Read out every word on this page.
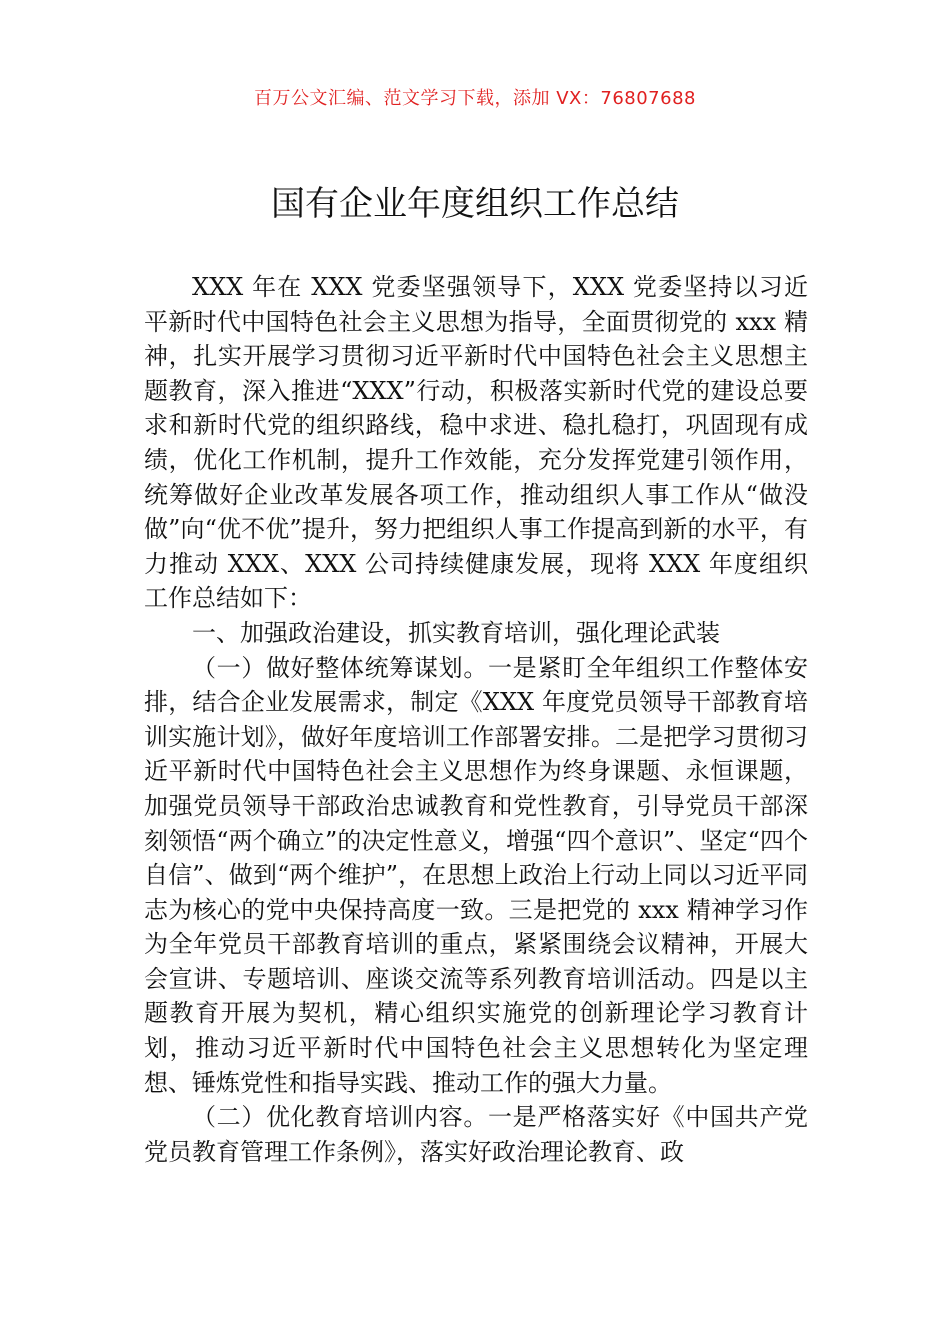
百万公文汇编、范文学习下载，添加 VX：76807688
国有企业年度组织工作总结

XXX 年在 XXX 党委坚强领导下，XXX 党委坚持以习近平新时代中国特色社会主义思想为指导，全面贯彻党的 xxx 精神，扎实开展学习贯彻习近平新时代中国特色社会主义思想主题教育，深入推进“XXX”行动，积极落实新时代党的建设总要求和新时代党的组织路线，稳中求进、稳扎稳打，巩固现有成绩，优化工作机制，提升工作效能，充分发挥党建引领作用，统筹做好企业改革发展各项工作，推动组织人事工作从“做没做”向“优不优”提升，努力把组织人事工作提高到新的水平，有力推动 XXX、XXX 公司持续健康发展，现将 XXX 年度组织工作总结如下：

一、加强政治建设，抓实教育培训，强化理论武装

（一）做好整体统筹谋划。一是紧盯全年组织工作整体安排，结合企业发展需求，制定《XXX 年度党员领导干部教育培训实施计划》，做好年度培训工作部署安排。二是把学习贯彻习近平新时代中国特色社会主义思想作为终身课题、永恒课题，加强党员领导干部政治忠诚教育和党性教育，引导党员干部深刻领悟“两个确立”的决定性意义，增强“四个意识”、坚定“四个自信”、做到“两个维护”，在思想上政治上行动上同以习近平同志为核心的党中央保持高度一致。三是把党的 xxx 精神学习作为全年党员干部教育培训的重点，紧紧围绕会议精神，开展大会宣讲、专题培训、座谈交流等系列教育培训活动。四是以主题教育开展为契机，精心组织实施党的创新理论学习教育计划，推动习近平新时代中国特色社会主义思想转化为坚定理想、锤炼党性和指导实践、推动工作的强大力量。

（二）优化教育培训内容。一是严格落实好《中国共产党党员教育管理工作条例》，落实好政治理论教育、政
